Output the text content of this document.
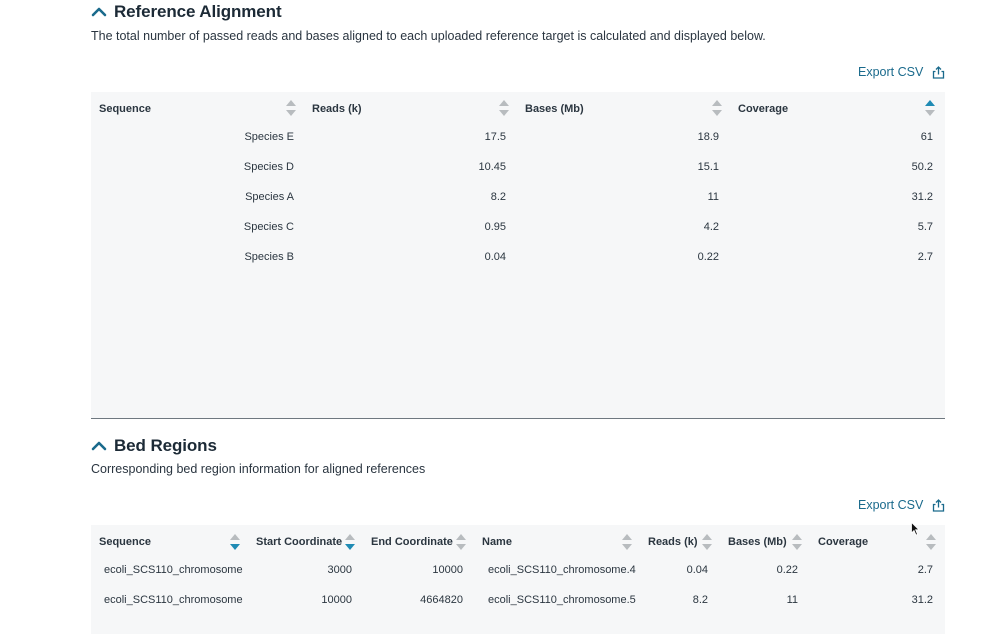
Reference Alignment
The total number of passed reads and bases aligned to each uploaded reference target is calculated and displayed below.
Export CSV
Sequence	Reads (k)	Bases (Mb)	Coverage
Species E	17.5	18.9	61
Species D	10.45	15.1	50.2
Species A	8.2	11	31.2
Species C	0.95	4.2	5.7
Species B	0.04	0.22	2.7
Bed Regions
Corresponding bed region information for aligned references
Export CSV
Sequence	Start Coordinate	End Coordinate	Name	Reads (k)	Bases (Mb)	Coverage
ecoli_SCS110_chromosome	3000	10000 ecoli_SCS110_chromosome.4	0.04	0.22	2.7
ecoli_SCS110_chromosome	10000	4664820 ecoli_SCS110_chromosome.5	8.2	11	31.2
